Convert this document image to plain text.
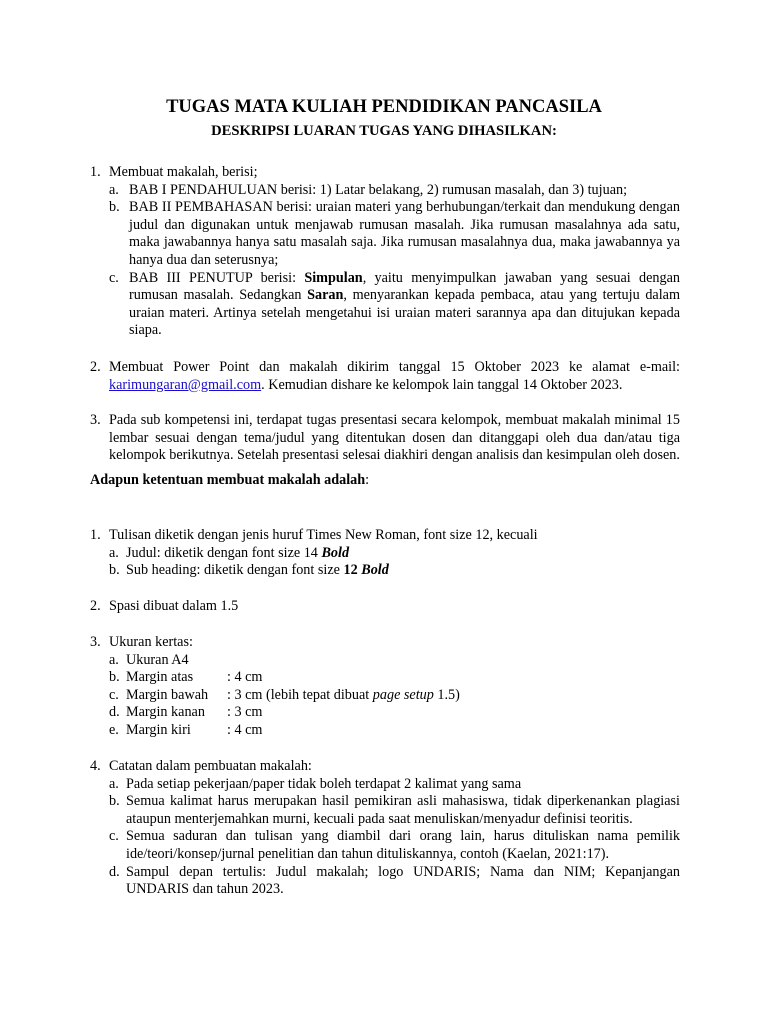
TUGAS MATA KULIAH PENDIDIKAN PANCASILA
DESKRIPSI LUARAN TUGAS YANG DIHASILKAN:
1. Membuat makalah, berisi;
a. BAB I PENDAHULUAN berisi: 1) Latar belakang, 2) rumusan masalah, dan 3) tujuan;
b. BAB II PEMBAHASAN berisi: uraian materi yang berhubungan/terkait dan mendukung dengan judul dan digunakan untuk menjawab rumusan masalah. Jika rumusan masalahnya ada satu, maka jawabannya hanya satu masalah saja. Jika rumusan masalahnya dua, maka jawabannya ya hanya dua dan seterusnya;
c. BAB III PENUTUP berisi: Simpulan, yaitu menyimpulkan jawaban yang sesuai dengan rumusan masalah. Sedangkan Saran, menyarankan kepada pembaca, atau yang tertuju dalam uraian materi. Artinya setelah mengetahui isi uraian materi sarannya apa dan ditujukan kepada siapa.
2. Membuat Power Point dan makalah dikirim tanggal 15 Oktober 2023 ke alamat e-mail: karimungaran@gmail.com. Kemudian dishare ke kelompok lain tanggal 14 Oktober 2023.
3. Pada sub kompetensi ini, terdapat tugas presentasi secara kelompok, membuat makalah minimal 15 lembar sesuai dengan tema/judul yang ditentukan dosen dan ditanggapi oleh dua dan/atau tiga kelompok berikutnya. Setelah presentasi selesai diakhiri dengan analisis dan kesimpulan oleh dosen.
Adapun ketentuan membuat makalah adalah:
1. Tulisan diketik dengan jenis huruf Times New Roman, font size 12, kecuali
a. Judul: diketik dengan font size 14 Bold
b. Sub heading: diketik dengan font size 12 Bold
2. Spasi dibuat dalam 1.5
3. Ukuran kertas:
a. Ukuran A4
b. Margin atas	: 4 cm
c. Margin bawah	: 3 cm (lebih tepat dibuat page setup 1.5)
d. Margin kanan	: 3 cm
e. Margin kiri	: 4 cm
4. Catatan dalam pembuatan makalah:
a. Pada setiap pekerjaan/paper tidak boleh terdapat 2 kalimat yang sama
b. Semua kalimat harus merupakan hasil pemikiran asli mahasiswa, tidak diperkenankan plagiasi ataupun menterjemahkan murni, kecuali pada saat menuliskan/menyadur definisi teoritis.
c. Semua saduran dan tulisan yang diambil dari orang lain, harus dituliskan nama pemilik ide/teori/konsep/jurnal penelitian dan tahun dituliskannya, contoh (Kaelan, 2021:17).
d. Sampul depan tertulis: Judul makalah; logo UNDARIS; Nama dan NIM; Kepanjangan UNDARIS dan tahun 2023.
